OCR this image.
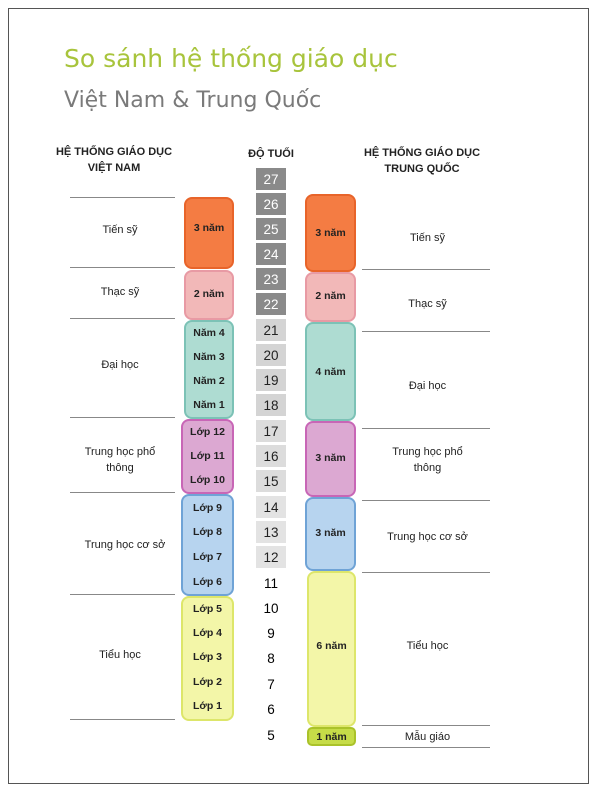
So sánh hệ thống giáo dục
Việt Nam & Trung Quốc
HỆ THỐNG GIÁO DỤC VIỆT NAM
ĐỘ TUỔI	HỆ THỐNG GIÁO DỤC TRUNG QUỐC
Tiến sỹ
Thạc sỹ
Đại học
Trung học phổ thông
Trung học cơ sở
Tiểu học
3 năm
2 năm
Năm 4
Năm 3
Năm 2
Năm 1
Lớp 12
Lớp 11
Lớp 10
Lớp 9
Lớp 8
Lớp 7
Lớp 6
Lớp 5
Lớp 4
Lớp 3
Lớp 2
Lớp 1
27
26
25
24
23
22
21
20
19
18
17
16
15
14
13
12
11
10
9
8
7
6
5
3 năm
2 năm
4 năm
3 năm
3 năm
6 năm
1 năm
Tiến sỹ
Thạc sỹ
Đại học
Trung học phổ thông
Trung học cơ sở
Tiểu học
Mẫu giáo
